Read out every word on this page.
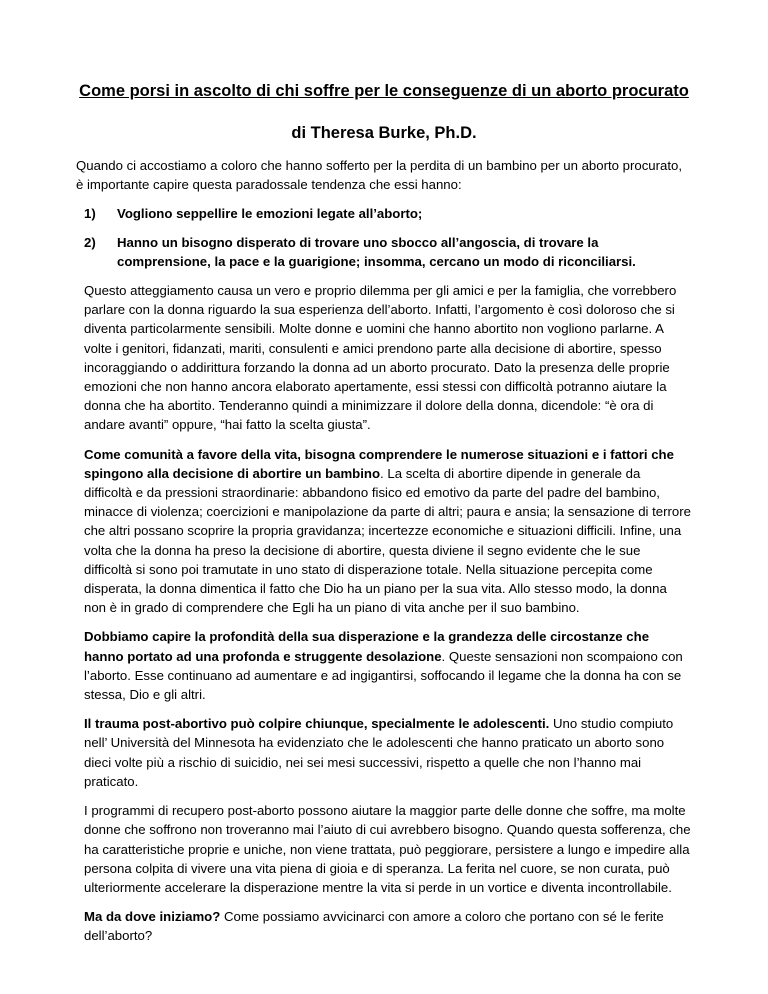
Come porsi in ascolto di chi soffre per le conseguenze di un aborto procurato
di Theresa Burke, Ph.D.

Quando ci accostiamo a coloro che hanno sofferto per la perdita di un bambino per un aborto procurato, è importante capire questa paradossale tendenza che essi hanno:

1) Vogliono seppellire le emozioni legate all’aborto;
2) Hanno un bisogno disperato di trovare uno sbocco all’angoscia, di trovare la comprensione, la pace e la guarigione; insomma, cercano un modo di riconciliarsi.

Questo atteggiamento causa un vero e proprio dilemma per gli amici e per la famiglia, che vorrebbero parlare con la donna riguardo la sua esperienza dell’aborto. Infatti, l’argomento è così doloroso che si diventa particolarmente sensibili. Molte donne e uomini che hanno abortito non vogliono parlarne. A volte i genitori, fidanzati, mariti, consulenti e amici prendono parte alla decisione di abortire, spesso incoraggiando o addirittura forzando la donna ad un aborto procurato. Dato la presenza delle proprie emozioni che non hanno ancora elaborato apertamente, essi stessi con difficoltà potranno aiutare la donna che ha abortito. Tenderanno quindi a minimizzare il dolore della donna, dicendole: “è ora di andare avanti” oppure, “hai fatto la scelta giusta”.

Come comunità a favore della vita, bisogna comprendere le numerose situazioni e i fattori che spingono alla decisione di abortire un bambino. La scelta di abortire dipende in generale da difficoltà e da pressioni straordinarie: abbandono fisico ed emotivo da parte del padre del bambino, minacce di violenza; coercizioni e manipolazione da parte di altri; paura e ansia; la sensazione di terrore che altri possano scoprire la propria gravidanza; incertezze economiche e situazioni difficili. Infine, una volta che la donna ha preso la decisione di abortire, questa diviene il segno evidente che le sue difficoltà si sono poi tramutate in uno stato di disperazione totale. Nella situazione percepita come disperata, la donna dimentica il fatto che Dio ha un piano per la sua vita. Allo stesso modo, la donna non è in grado di comprendere che Egli ha un piano di vita anche per il suo bambino.

Dobbiamo capire la profondità della sua disperazione e la grandezza delle circostanze che hanno portato ad una profonda e struggente desolazione. Queste sensazioni non scompaiono con l’aborto. Esse continuano ad aumentare e ad ingigantirsi, soffocando il legame che la donna ha con se stessa, Dio e gli altri.

Il trauma post-abortivo può colpire chiunque, specialmente le adolescenti. Uno studio compiuto nell’ Università del Minnesota ha evidenziato che le adolescenti che hanno praticato un aborto sono dieci volte più a rischio di suicidio, nei sei mesi successivi, rispetto a quelle che non l’hanno mai praticato.

I programmi di recupero post-aborto possono aiutare la maggior parte delle donne che soffre, ma molte donne che soffrono non troveranno mai l’aiuto di cui avrebbero bisogno. Quando questa sofferenza, che ha caratteristiche proprie e uniche, non viene trattata, può peggiorare, persistere a lungo e impedire alla persona colpita di vivere una vita piena di gioia e di speranza. La ferita nel cuore, se non curata, può ulteriormente accelerare la disperazione mentre la vita si perde in un vortice e diventa incontrollabile.

Ma da dove iniziamo? Come possiamo avvicinarci con amore a coloro che portano con sé le ferite dell’aborto?
